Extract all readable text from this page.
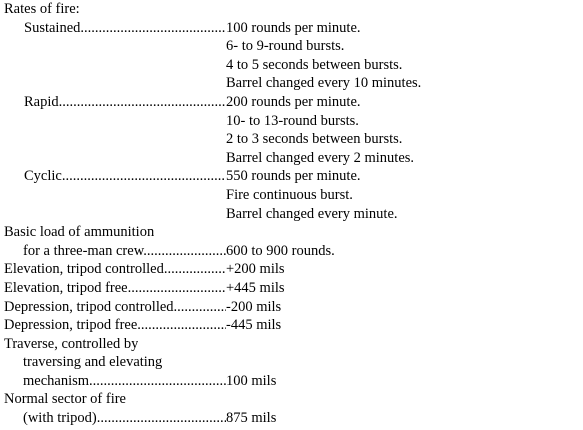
Rates of fire:
Sustained .....	100 rounds per minute.
6- to 9-round bursts.
4 to 5 seconds between bursts.
Barrel changed every 10 minutes.
Rapid .....	200 rounds per minute.
10- to 13-round bursts.
2 to 3 seconds between bursts.
Barrel changed every 2 minutes.
Cyclic .....	550 rounds per minute.
Fire continuous burst.
Barrel changed every minute.
Basic load of ammunition
for a three-man crew .....	600 to 900 rounds.
Elevation, tripod controlled .....	+200 mils
Elevation, tripod free .....	+445 mils
Depression, tripod controlled .....	-200 mils
Depression, tripod free .....	-445 mils
Traverse, controlled by
traversing and elevating
mechanism .....	100 mils
Normal sector of fire
(with tripod) .....	875 mils
